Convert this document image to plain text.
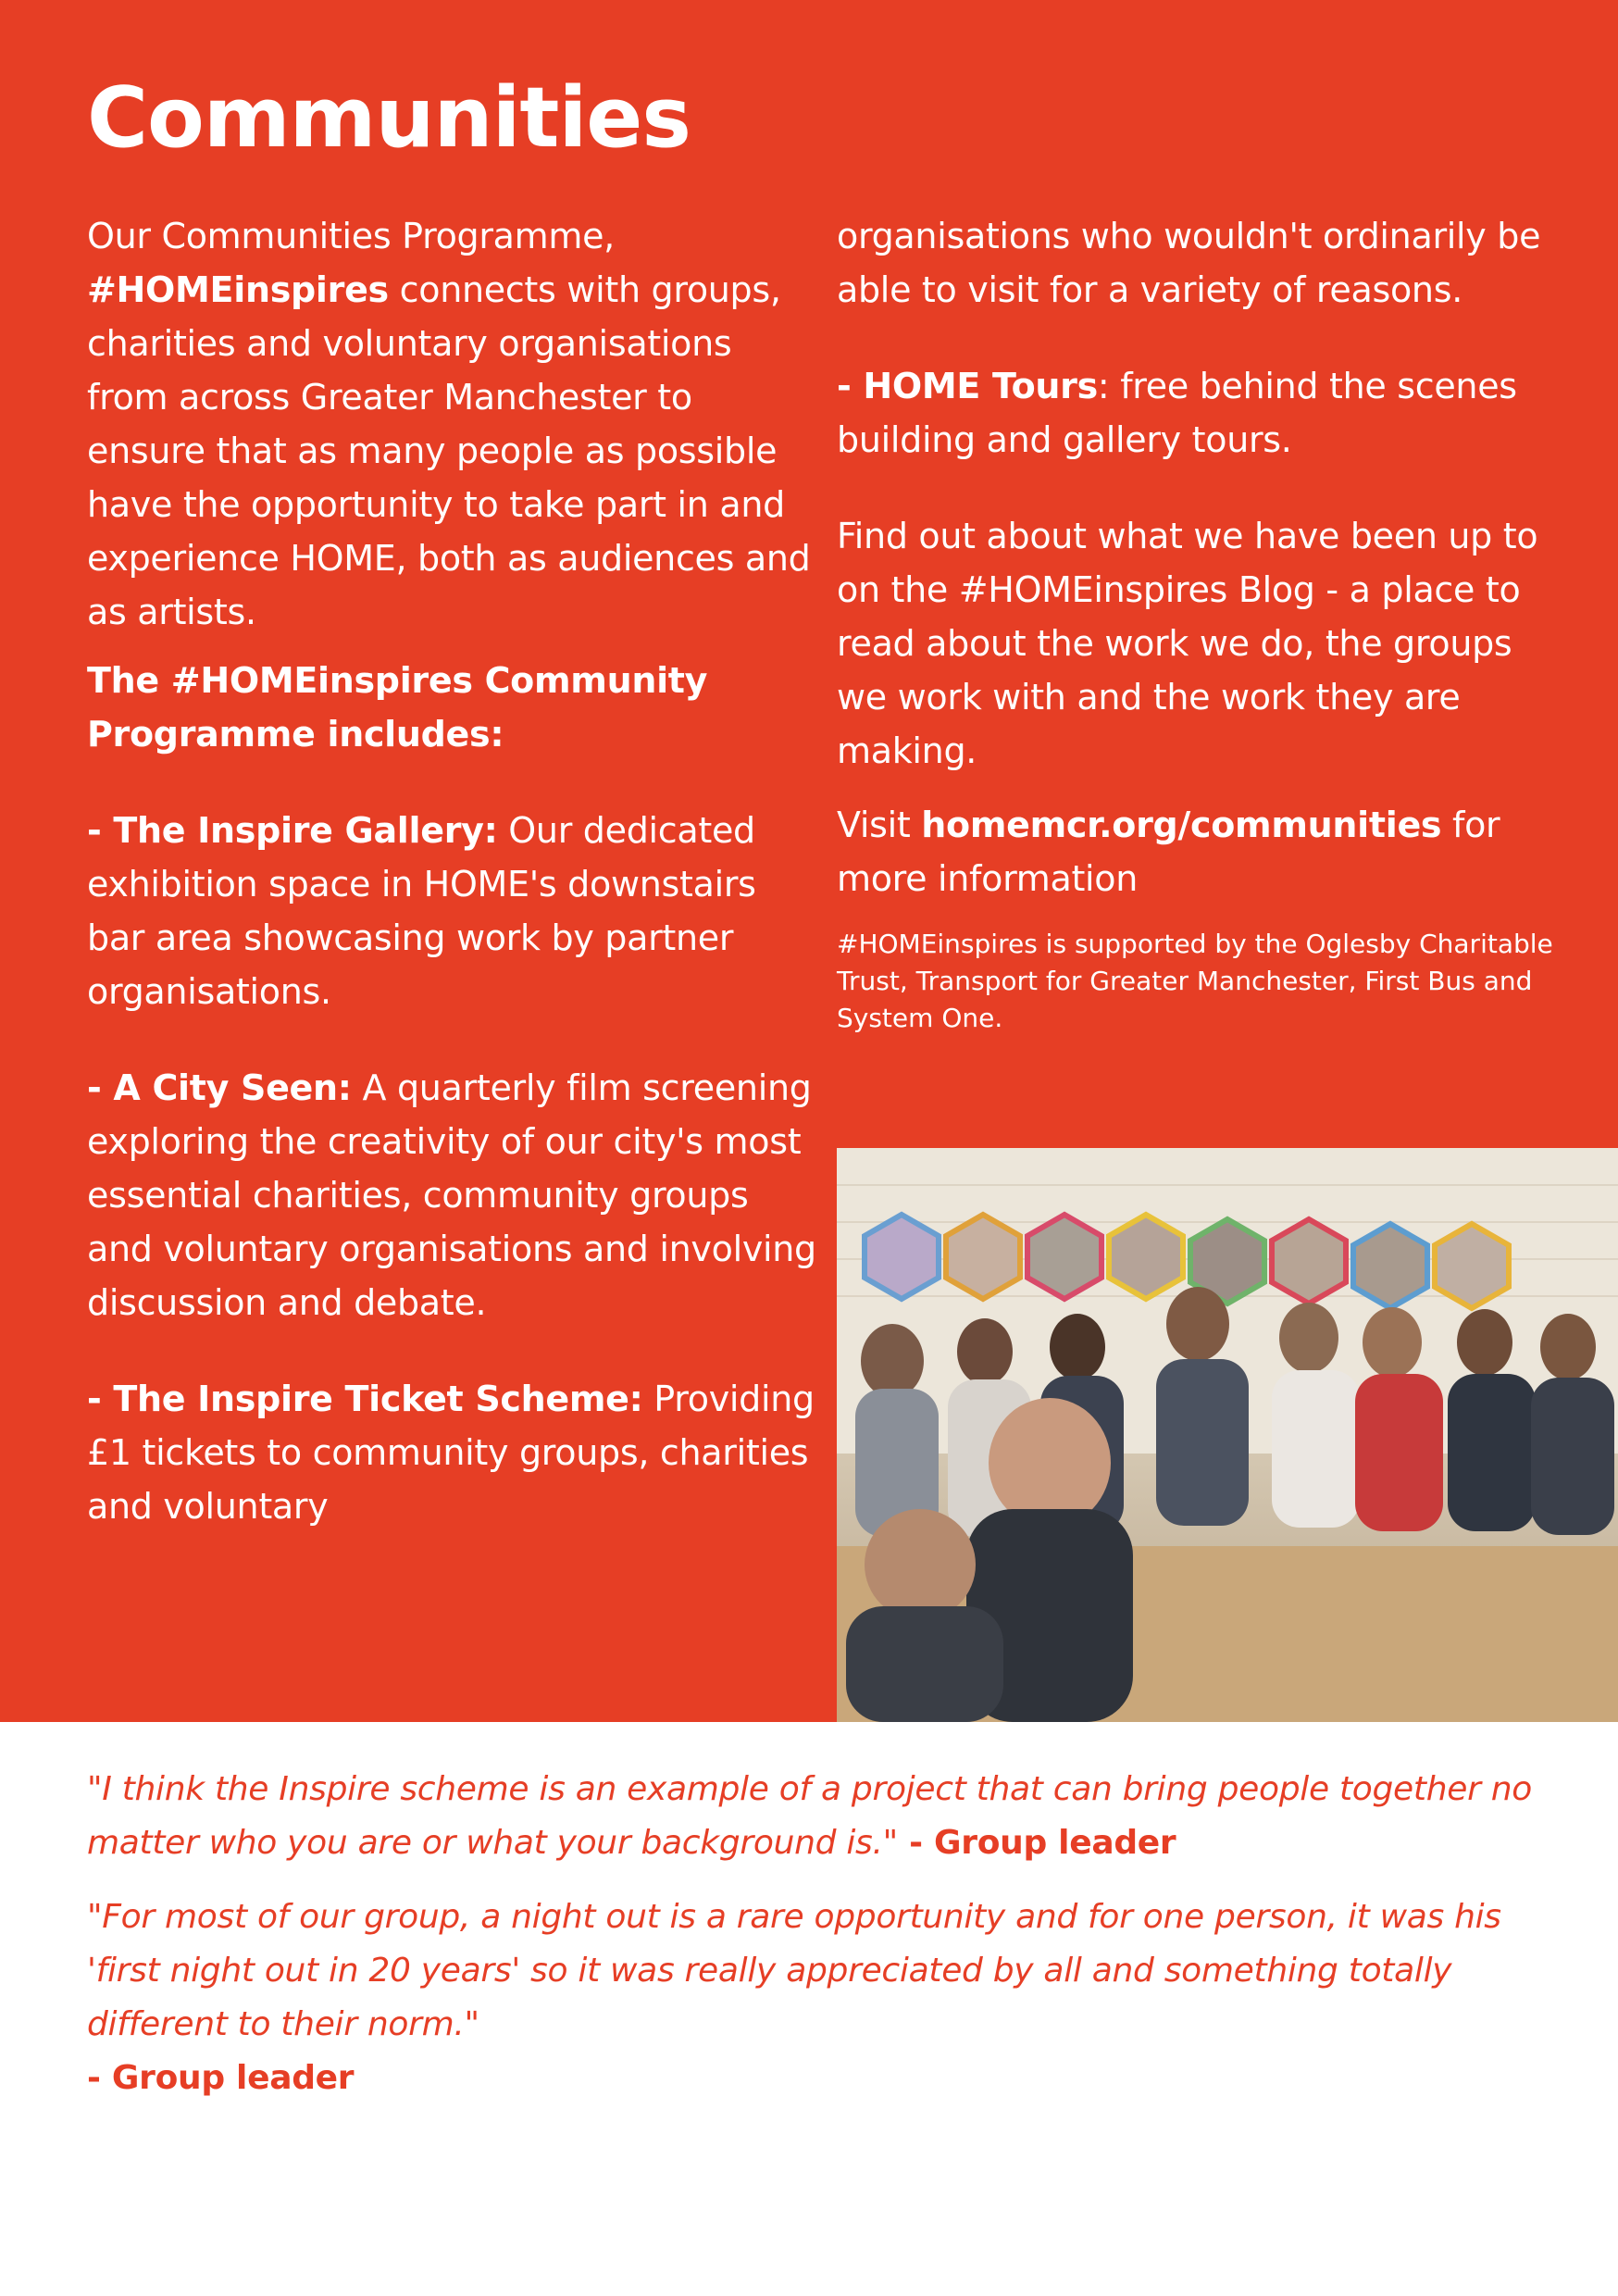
Communities

Our Communities Programme, #HOMEinspires connects with groups, charities and voluntary organisations from across Greater Manchester to ensure that as many people as possible have the opportunity to take part in and experience HOME, both as audiences and as artists.

The #HOMEinspires Community Programme includes:

- The Inspire Gallery: Our dedicated exhibition space in HOME's downstairs bar area showcasing work by partner organisations.

- A City Seen: A quarterly film screening exploring the creativity of our city's most essential charities, community groups and voluntary organisations and involving discussion and debate.

- The Inspire Ticket Scheme: Providing £1 tickets to community groups, charities and voluntary

organisations who wouldn't ordinarily be able to visit for a variety of reasons.

- HOME Tours: free behind the scenes building and gallery tours.

Find out about what we have been up to on the #HOMEinspires Blog - a place to read about the work we do, the groups we work with and the work they are making.

Visit homemcr.org/communities for more information

#HOMEinspires is supported by the Oglesby Charitable Trust, Transport for Greater Manchester, First Bus and System One.

"I think the Inspire scheme is an example of a project that can bring people together no matter who you are or what your background is." - Group leader

"For most of our group, a night out is a rare opportunity and for one person, it was his 'first night out in 20 years' so it was really appreciated by all and something totally different to their norm."
- Group leader
